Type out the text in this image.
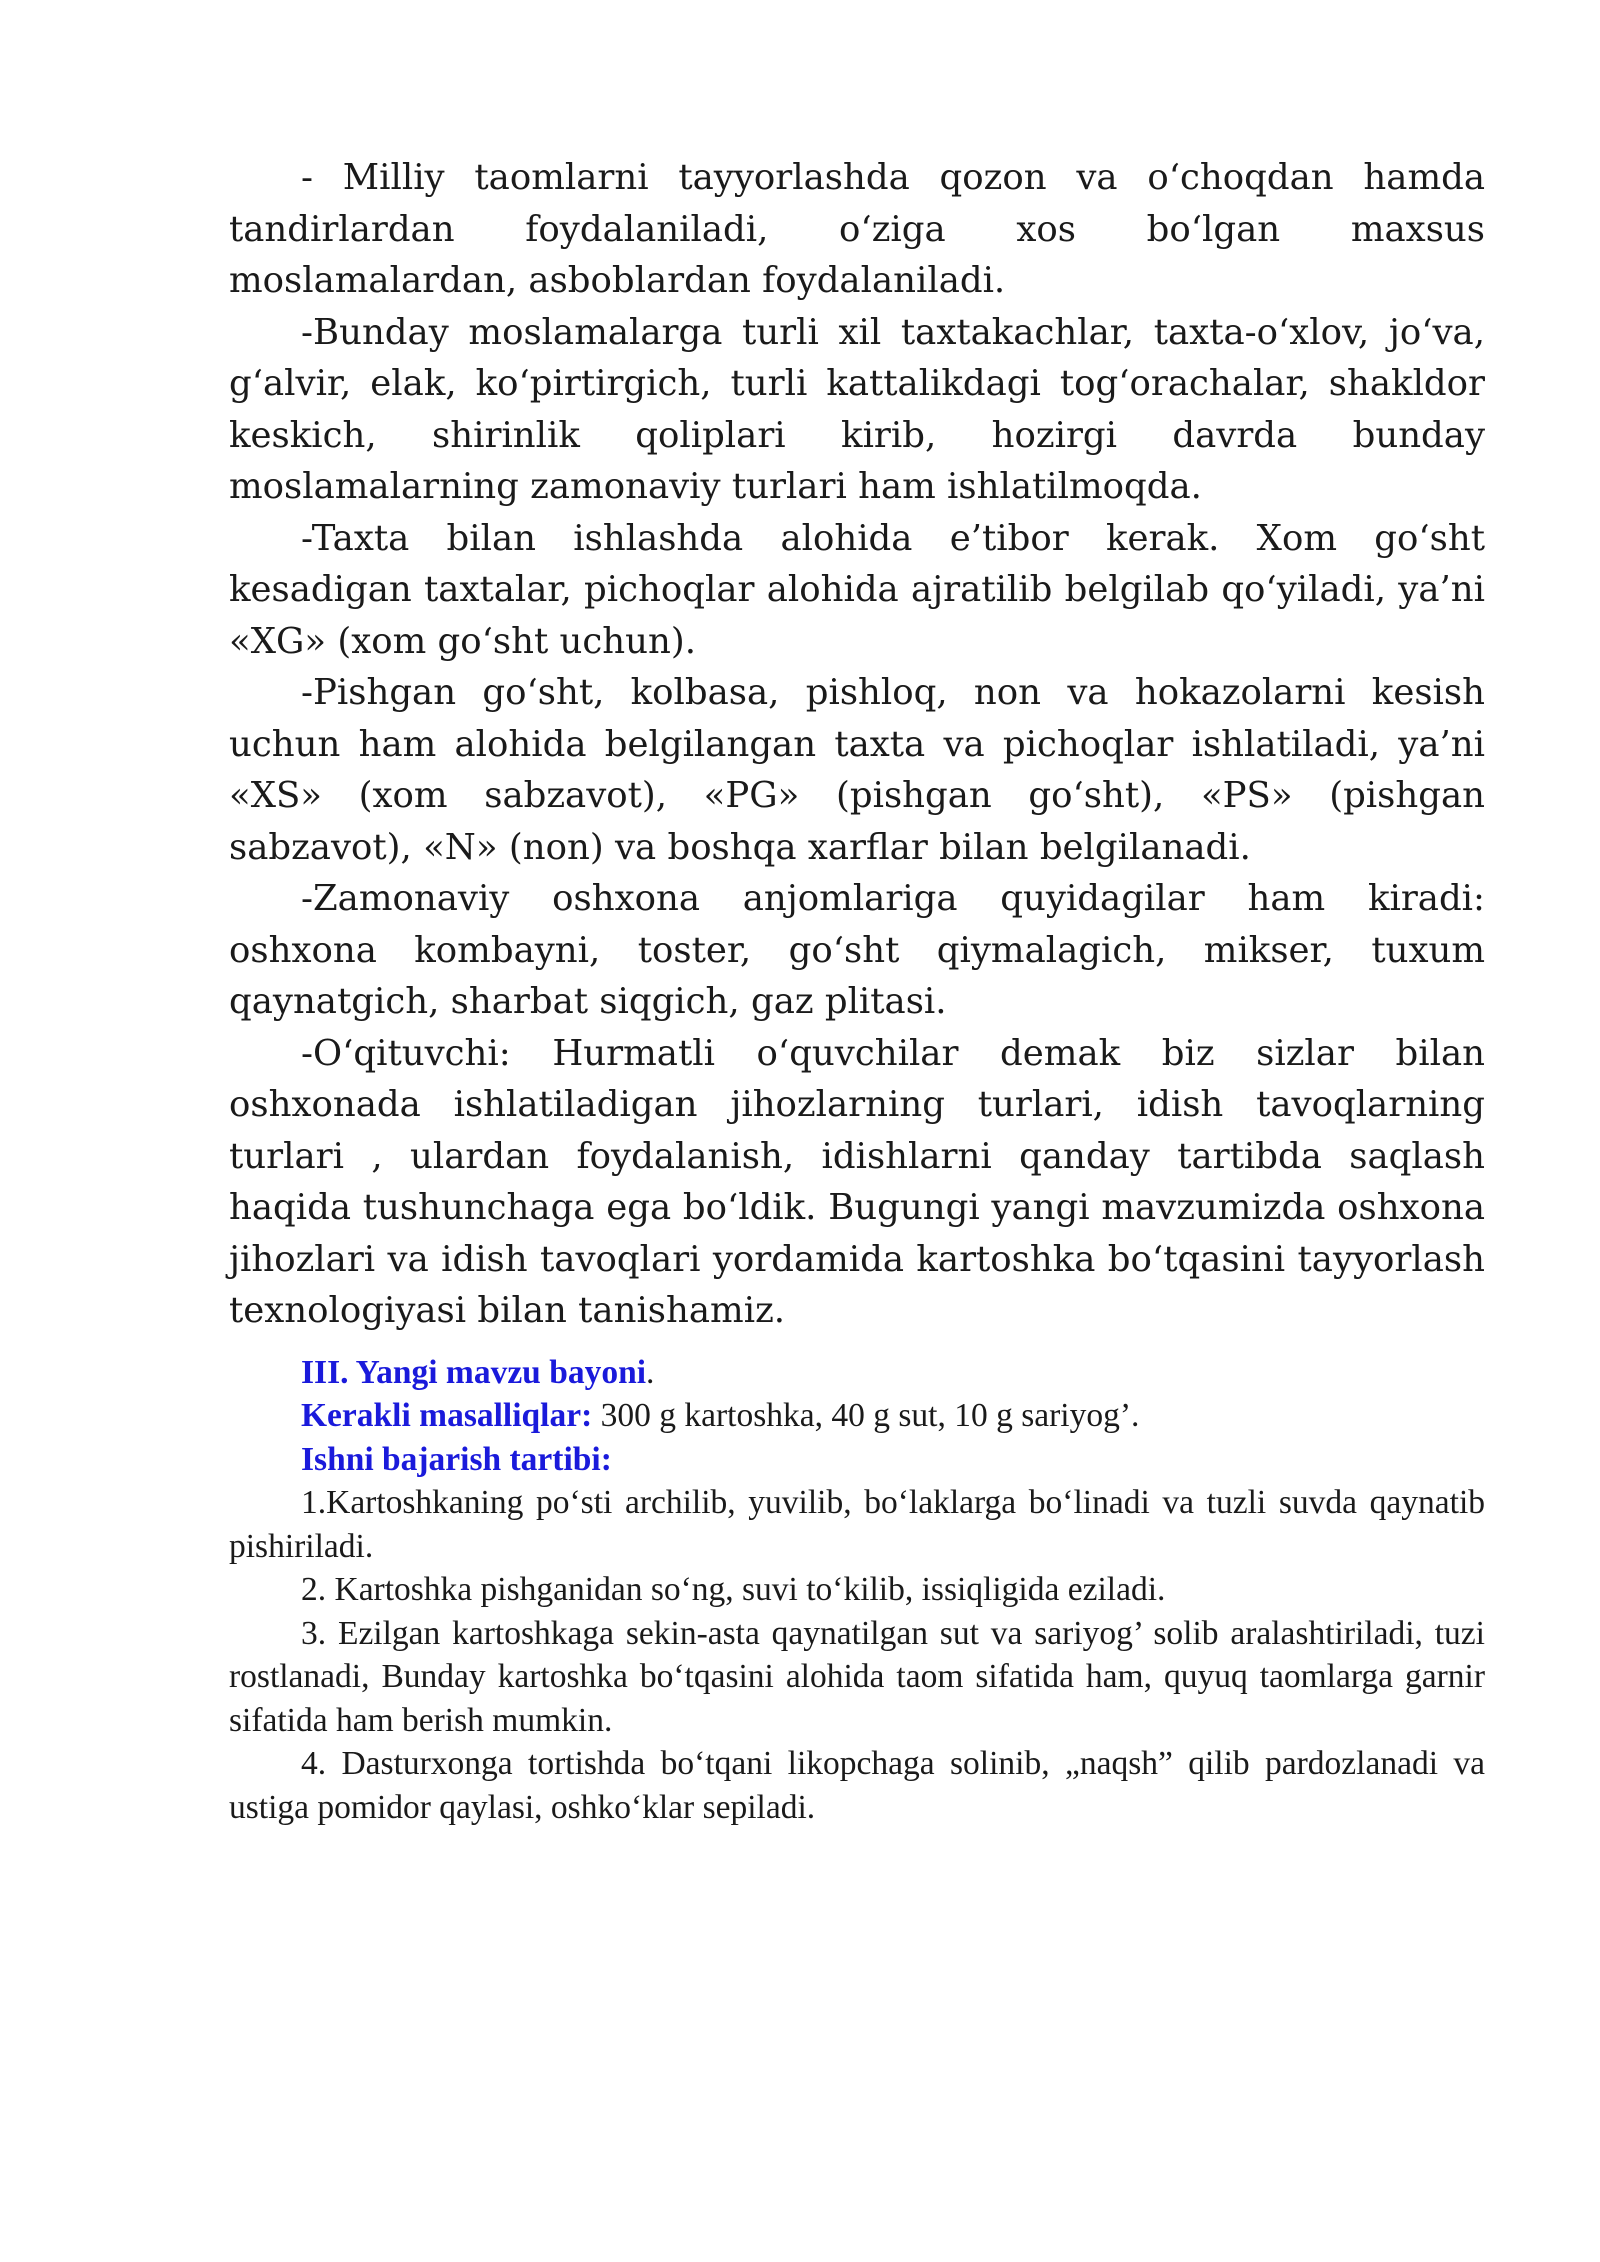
- Milliy taomlarni tayyorlashda qozon va o‘choqdan hamda tandirlardan foydalaniladi, o‘ziga xos bo‘lgan maxsus moslamalardan, asboblardan foydalaniladi.

-Bunday moslamalarga turli xil taxtakachlar, taxta-o‘xlov, jo‘va, g‘alvir, elak, ko‘pirtirgich, turli kattalikdagi tog‘orachalar, shakldor keskich, shirinlik qoliplari kirib, hozirgi davrda bunday moslamalarning zamonaviy turlari ham ishlatilmoqda.

-Taxta bilan ishlashda alohida e’tibor kerak. Xom go‘sht kesadigan taxtalar, pichoqlar alohida ajratilib belgilab qo‘yiladi, ya’ni «XG» (xom go‘sht uchun).

-Pishgan go‘sht, kolbasa, pishloq, non va hokazolarni kesish uchun ham alohida belgilangan taxta va pichoqlar ishlatiladi, ya’ni «XS» (xom sabzavot), «PG» (pishgan go‘sht), «PS» (pishgan sabzavot), «N» (non) va boshqa xarflar bilan belgilanadi.

-Zamonaviy oshxona anjomlariga quyidagilar ham kiradi: oshxona kombayni, toster, go‘sht qiymalagich, mikser, tuxum qaynatgich, sharbat siqgich, gaz plitasi.

-O‘qituvchi: Hurmatli o‘quvchilar demak biz sizlar bilan oshxonada ishlatiladigan jihozlarning turlari, idish tavoqlarning turlari , ulardan foydalanish, idishlarni qanday tartibda saqlash haqida tushunchaga ega bo‘ldik. Bugungi yangi mavzumizda oshxona jihozlari va idish tavoqlari yordamida kartoshka bo‘tqasini tayyorlash texnologiyasi bilan tanishamiz.

III. Yangi mavzu bayoni.

Kerakli masalliqlar: 300 g kartoshka, 40 g sut, 10 g sariyog’.

Ishni bajarish tartibi:

1.Kartoshkaning po‘sti archilib, yuvilib, bo‘laklarga bo‘linadi va tuzli suvda qaynatib pishiriladi.

2. Kartoshka pishganidan so‘ng, suvi to‘kilib, issiqligida eziladi.

3. Ezilgan kartoshkaga sekin-asta qaynatilgan sut va sariyog’ solib aralashtiriladi, tuzi rostlanadi, Bunday kartoshka bo‘tqasini alohida taom sifatida ham, quyuq taomlarga garnir sifatida ham berish mumkin.

4. Dasturxonga tortishda bo‘tqani likopchaga solinib, „naqsh” qilib pardozlanadi va ustiga pomidor qaylasi, oshko‘klar sepiladi.
